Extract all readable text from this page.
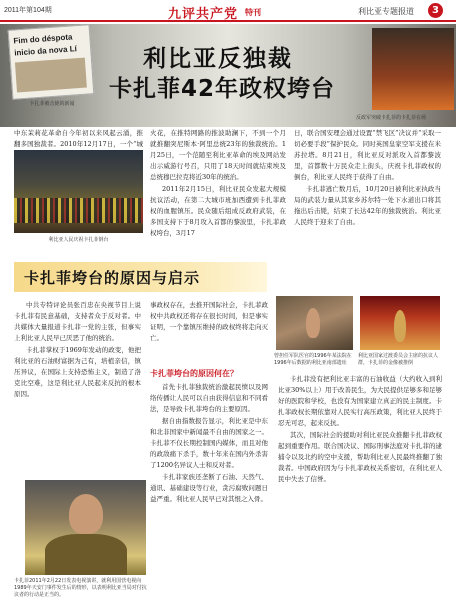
2011年第104期	九评共产党 特刊	利比亚专题报道	3
Fim do déspota
inicio da nova Lí
卡扎菲被击毙的新闻
利比亚反独裁
卡扎菲42年政权垮台
反政军突破卡扎菲的卡扎菲在场

中东茉莉花革命自今年初以来风起云涌，推翻多国独裁者。2010年12月17日，一个“城

利比亚人民庆祝卡扎菲倒台

火花，在推特网路的推波助澜下，不到一个月就推翻突尼斯本·阿里总统23年的独裁统治。1月25日，一个范随至利比亚革命的埃及网站发出示威游行号召，只用了18天时间就结束埃及总统穆巴拉克将近30年的统治。

2011年2月15日，利比亚民众发起大规模抗议活动，在第二大城市班加西遭到卡扎菲政权的血腥镇压。民众随后组成反政府武装，在多国支持下于8月攻入首都的黎波里，卡扎菲政权垮台，3月17

日，联合国安理会通过设置“禁飞区”决议并“采取一切必要手段”保护民众。同时英国皇家空军支援在米苏拉塔。8月21日，利比亚反对派攻入首都黎波里，首都数十万民众走上街头，庆祝卡扎菲政权的倒台，利比亚人民终于获得了自由。

卡扎菲逃亡数月后，10月20日被利比亚执政当局的武装力量从其家乡苏尔特一处下水道出口将其拖出后击毙，结束了长达42年的独裁统治。利比亚人民终于迎来了自由。

卡扎菲垮台的原因与启示

中共专特评论员张百忠在央视节目上说卡扎菲有民意基础，支持者众于反对者。中共媒体大量报道卡扎菲一党的主张，但事实上利比亚人民早已厌恶了他的统治。

卡扎菲掌权于1969年发动的政变，他把利比亚的石油财富据为己有，培植亲信，镇压异议，在国际上支持恐怖主义，制造了洛克比空难，这是利比亚人民起来反抗的根本原因。

事政权存在，去推开国际社会，卡扎菲政权中共政权还将存在很长时间，但是事实证明，一个靠镇压维持的政权终将走向灭亡。

卡扎菲垮台的原因何在？

首先卡扎菲独裁统治激起民愤以及网络传播让人民可以自由获得信息和不同看法，是导致卡扎菲垮台的主要原因。

据自由指数报告显示，利比亚是中东和北非国家中新闻最不自由的国家之一。卡扎菲不仅长期控制国内媒体，而且对他的政敌痛下杀手，数十年来在国内外杀害了1200名异议人士和反对者。

卡扎菲家族还垄断了石油、天然气、通讯、基础建设等行业，贪污腐败问题日益严重。利比亚人民早已对其恨之入骨。

曾担任军队医官的1996年某法院在1996年后数据的利比亚南部遗址
利比亚国家过渡委员会主席的抗议人群，卡扎菲的金像被推倒

卡扎菲没有把利比亚丰富的石油收益（大约收入到利比亚30%以上）用于改善民生，为大民提供足够多和足够好的医院和学校，也没有为国家建立真正的民主制度。卡扎菲政权长期依靠对人民实行高压政策，利比亚人民终于忍无可忍，起来反抗。

其次，国际社会的援助对利比亚民众推翻卡扎菲政权起到重要作用。联合国决议、国际刑事法庭对卡扎菲的逮捕令以及北约的空中支援，帮助利比亚人民最终推翻了独裁者。中国政府因为与卡扎菲政权关系密切，在利比亚人民中失去了信誉。

卡扎菲2011年2月22日发表电视演讲，就利用国营电视向1989年天安门事件发生后的情形，以表明利比亚当局对付抗议者的行动是正当的。
